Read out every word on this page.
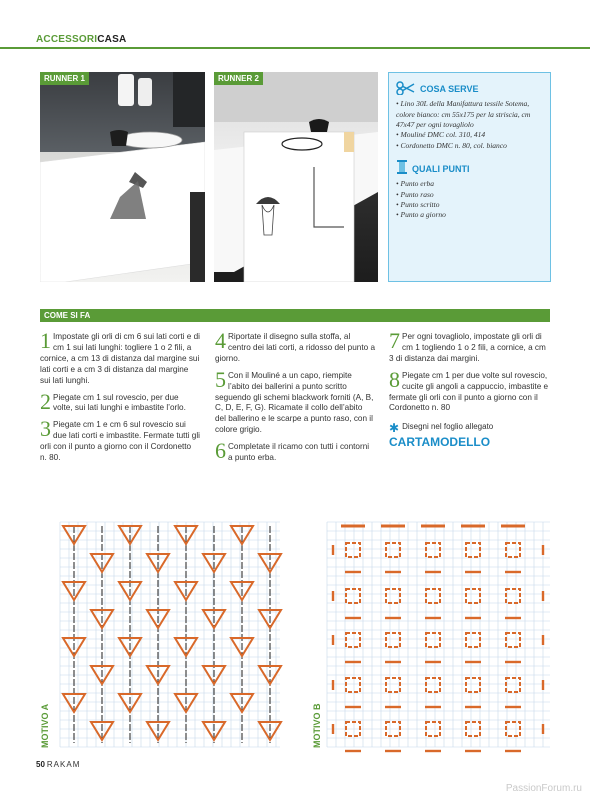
ACCESSORICASA
RUNNER 1	RUNNER 2
COSA SERVE
• Lino 30L della Manifattura tessile Sotema, colore bianco: cm 55x175 per la striscia, cm 47x47 per ogni tovagliolo
• Mouliné DMC col. 310, 414
• Cordonetto DMC n. 80, col. bianco
QUALI PUNTI
• Punto erba
• Punto raso
• Punto scritto
• Punto a giorno
COME SI FA
1 Impostate gli orli di cm 6 sui lati corti e di cm 1 sui lati lunghi: togliere 1 o 2 fili, a cornice, a cm 13 di distanza dal margine sui lati corti e a cm 3 di distanza dal margine sui lati lunghi.
2 Piegate cm 1 sul rovescio, per due volte, sui lati lunghi e imbastite l’orlo.
3 Piegate cm 1 e cm 6 sul rovescio sui due lati corti e imbastite. Fermate tutti gli orli con il punto a giorno con il Cordonetto n. 80.
4 Riportate il disegno sulla stoffa, al centro dei lati corti, a ridosso del punto a giorno.
5 Con il Mouliné a un capo, riempite l’abito dei ballerini a punto scritto seguendo gli schemi blackwork forniti (A, B, C, D, E, F, G). Ricamate il collo dell’abito del ballerino e le scarpe a punto raso, con il colore grigio.
6 Completate il ricamo con tutti i contorni a punto erba.
7 Per ogni tovagliolo, impostate gli orli di cm 1 togliendo 1 o 2 fili, a cornice, a cm 3 di distanza dai margini.
8 Piegate cm 1 per due volte sul rovescio, cucite gli angoli a cappuccio, imbastite e fermate gli orli con il punto a giorno con il Cordonetto n. 80
✱ Disegni nel foglio allegato
CARTAMODELLO
MOTIVO A	MOTIVO B
50 RAKAM
PassionForum.ru
